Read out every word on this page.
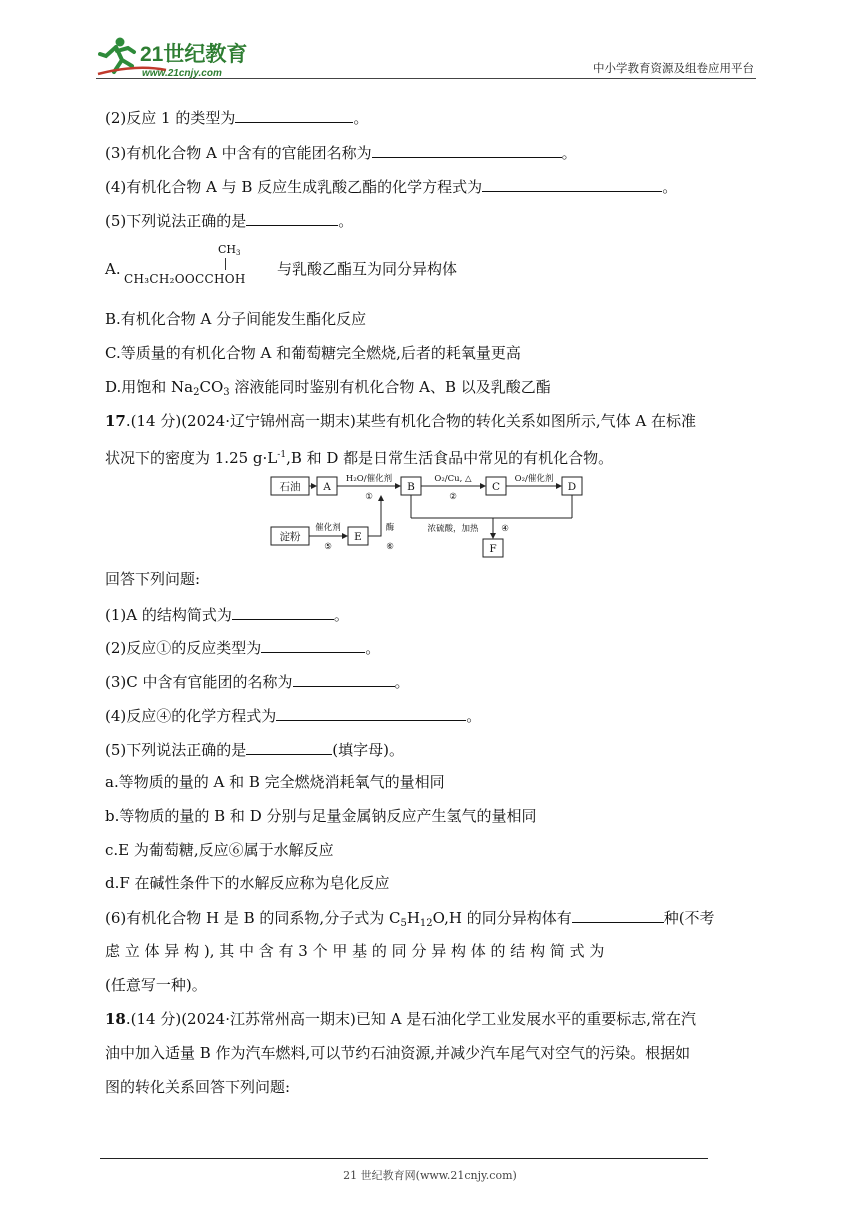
21世纪教育
www.21cnjy.com	中小学教育资源及组卷应用平台
(2)反应 1 的类型为	。
(3)有机化合物 A 中含有的官能团名称为	。
(4)有机化合物 A 与 B 反应生成乳酸乙酯的化学方程式为	。
(5)下列说法正确的是	。
A.
CH3
CH₃CH₂OOCCHOH
与乳酸乙酯互为同分异构体
B.有机化合物 A 分子间能发生酯化反应
C.等质量的有机化合物 A 和葡萄糖完全燃烧,后者的耗氧量更高
D.用饱和 $Na_2CO_3$ 溶液能同时鉴别有机化合物 A、B 以及乳酸乙酯
17.(14 分)(2024·辽宁锦州高一期末)某些有机化合物的转化关系如图所示,气体 A 在标准
状况下的密度为 1.25 $g\cdot L^{-1},B$ 和 D 都是日常生活食品中常见的有机化合物。
石油 A	B	C	D
淀粉	E
F
H₂O/催化剂
①
O₂/Cu, △
②
O₂/催化剂
浓硫酸，加热	④
催化剂
⑤
酶
⑥
回答下列问题:
(1)A 的结构简式为	。
(2)反应①的反应类型为	。
(3)C 中含有官能团的名称为	。
(4)反应④的化学方程式为	。
(5)下列说法正确的是	(填字母)。
a.等物质的量的 A 和 B 完全燃烧消耗氧气的量相同
b.等物质的量的 B 和 D 分别与足量金属钠反应产生氢气的量相同
c.E 为葡萄糖,反应⑥属于水解反应
d.F 在碱性条件下的水解反应称为皂化反应
(6)有机化合物 H 是 B 的同系物,分子式为 $C_5H_{12}O,H$ 的同分异构体有	种(不考
虑 立 体 异 构 ), 其 中 含 有 3 个 甲 基 的 同 分 异 构 体 的 结 构 简 式 为
(任意写一种)。
18.(14 分)(2024·江苏常州高一期末)已知 A 是石油化学工业发展水平的重要标志,常在汽
油中加入适量 B 作为汽车燃料,可以节约石油资源,并减少汽车尾气对空气的污染。根据如
图的转化关系回答下列问题:
21 世纪教育网(www.21cnjy.com)
